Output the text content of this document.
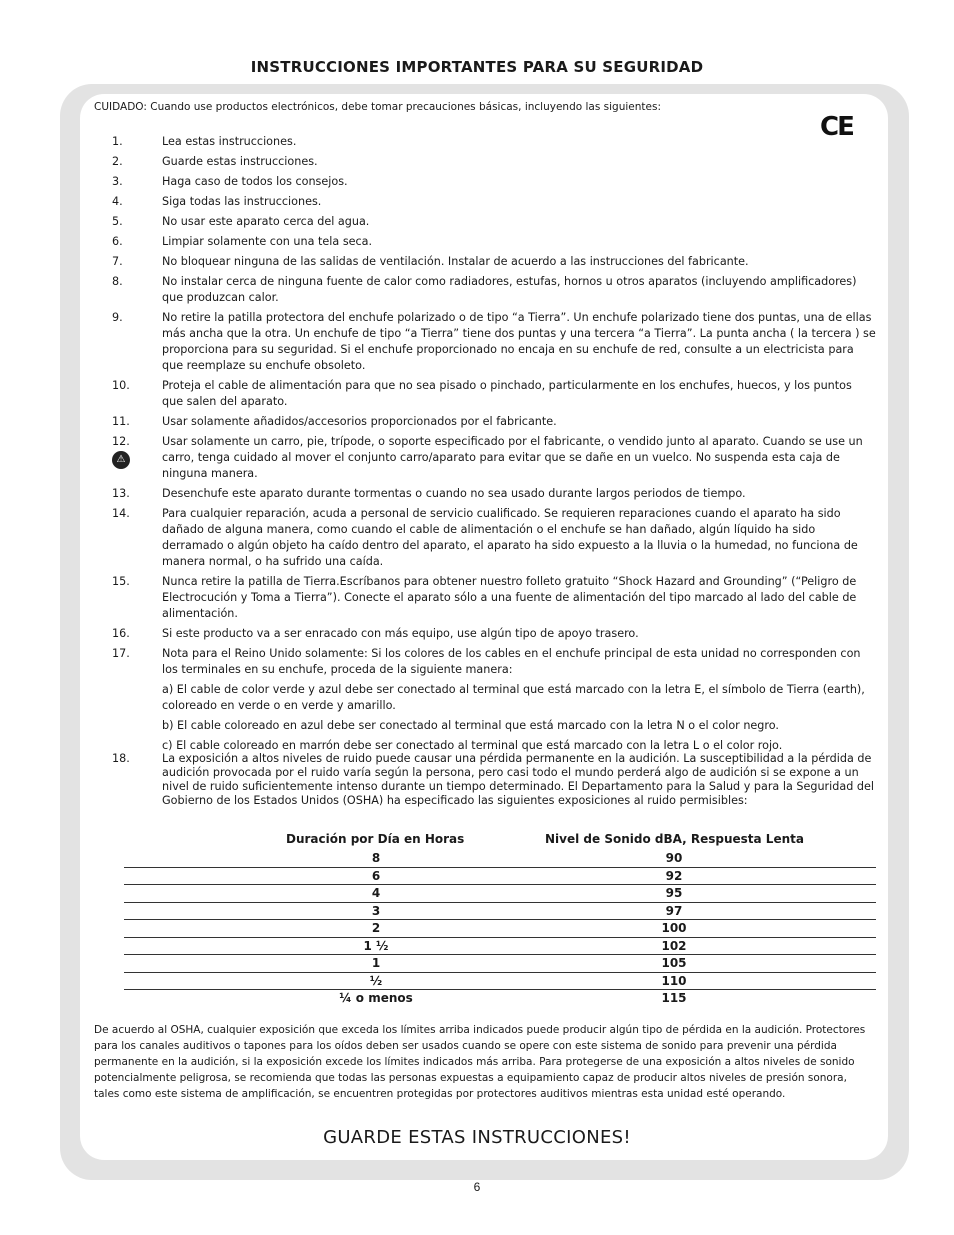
INSTRUCCIONES IMPORTANTES PARA SU SEGURIDAD
CUIDADO: Cuando use productos electrónicos, debe tomar precauciones básicas, incluyendo las siguientes:
CE
1.	Lea estas instrucciones.
2.	Guarde estas instrucciones.
3.	Haga caso de todos los consejos.
4.	Siga todas las instrucciones.
5.	No usar este aparato cerca del agua.
6.	Limpiar solamente con una tela seca.
7.	No bloquear ninguna de las salidas de ventilación. Instalar de acuerdo a las instrucciones del fabricante.
8.	No instalar cerca de ninguna fuente de calor como radiadores, estufas, hornos u otros aparatos (incluyendo amplificadores) que produzcan calor.
9.	No retire la patilla protectora del enchufe polarizado o de tipo “a Tierra”. Un enchufe polarizado tiene dos puntas, una de ellas más ancha que la otra. Un enchufe de tipo “a Tierra” tiene dos puntas y una tercera “a Tierra”. La punta ancha ( la tercera ) se proporciona para su seguridad. Si el enchufe proporcionado no encaja en su enchufe de red, consulte a un electricista para que reemplaze su enchufe obsoleto.
10.	Proteja el cable de alimentación para que no sea pisado o pinchado, particularmente en los enchufes, huecos, y los puntos que salen del aparato.
11.	Usar solamente añadidos/accesorios proporcionados por el fabricante.
12.
⚠
Usar solamente un carro, pie, trípode, o soporte especificado por el fabricante, o vendido junto al aparato. Cuando se use un carro, tenga cuidado al mover el conjunto carro/aparato para evitar que se dañe en un vuelco. No suspenda esta caja de ninguna manera.
13.	Desenchufe este aparato durante tormentas o cuando no sea usado durante largos periodos de tiempo.
14.	Para cualquier reparación, acuda a personal de servicio cualificado. Se requieren reparaciones cuando el aparato ha sido dañado de alguna manera, como cuando el cable de alimentación o el enchufe se han dañado, algún líquido ha sido derramado o algún objeto ha caído dentro del aparato, el aparato ha sido expuesto a la lluvia o la humedad, no funciona de manera normal, o ha sufrido una caída.
15.	Nunca retire la patilla de Tierra.Escríbanos para obtener nuestro folleto gratuito “Shock Hazard and Grounding” (“Peligro de Electrocución y Toma a Tierra”). Conecte el aparato sólo a una fuente de alimentación del tipo marcado al lado del cable de alimentación.
16.	Si este producto va a ser enracado con más equipo, use algún tipo de apoyo trasero.
17.	Nota para el Reino Unido solamente: Si los colores de los cables en el enchufe principal de esta unidad no corresponden con los terminales en su enchufe, proceda de la siguiente manera:

a) El cable de color verde y azul debe ser conectado al terminal que está marcado con la letra E, el símbolo de Tierra (earth), coloreado en verde o en verde y amarillo.

b) El cable coloreado en azul debe ser conectado al terminal que está marcado con la letra N o el color negro.

c) El cable coloreado en marrón debe ser conectado al terminal que está marcado con la letra L o el color rojo.

18.	La exposición a altos niveles de ruido puede causar una pérdida permanente en la audición. La susceptibilidad a la pérdida de audición provocada por el ruido varía según la persona, pero casi todo el mundo perderá algo de audición si se expone a un nivel de ruido suficientemente intenso durante un tiempo determinado. El Departamento para la Salud y para la Seguridad del Gobierno de los Estados Unidos (OSHA) ha especificado las siguientes exposiciones al ruido permisibles:
Duración por Día en Horas	Nivel de Sonido dBA, Respuesta Lenta
8	90
6	92
4	95
3	97
2	100
1 ½	102
1	105
½	110
¼ o menos	115
De acuerdo al OSHA, cualquier exposición que exceda los límites arriba indicados puede producir algún tipo de pérdida en la audición. Protectores para los canales auditivos o tapones para los oídos deben ser usados cuando se opere con este sistema de sonido para prevenir una pérdida permanente en la audición, si la exposición excede los límites indicados más arriba. Para protegerse de una exposición a altos niveles de sonido potencialmente peligrosa, se recomienda que todas las personas expuestas a equipamiento capaz de producir altos niveles de presión sonora, tales como este sistema de amplificación, se encuentren protegidas por protectores auditivos mientras esta unidad esté operando.
GUARDE ESTAS INSTRUCCIONES!
6
